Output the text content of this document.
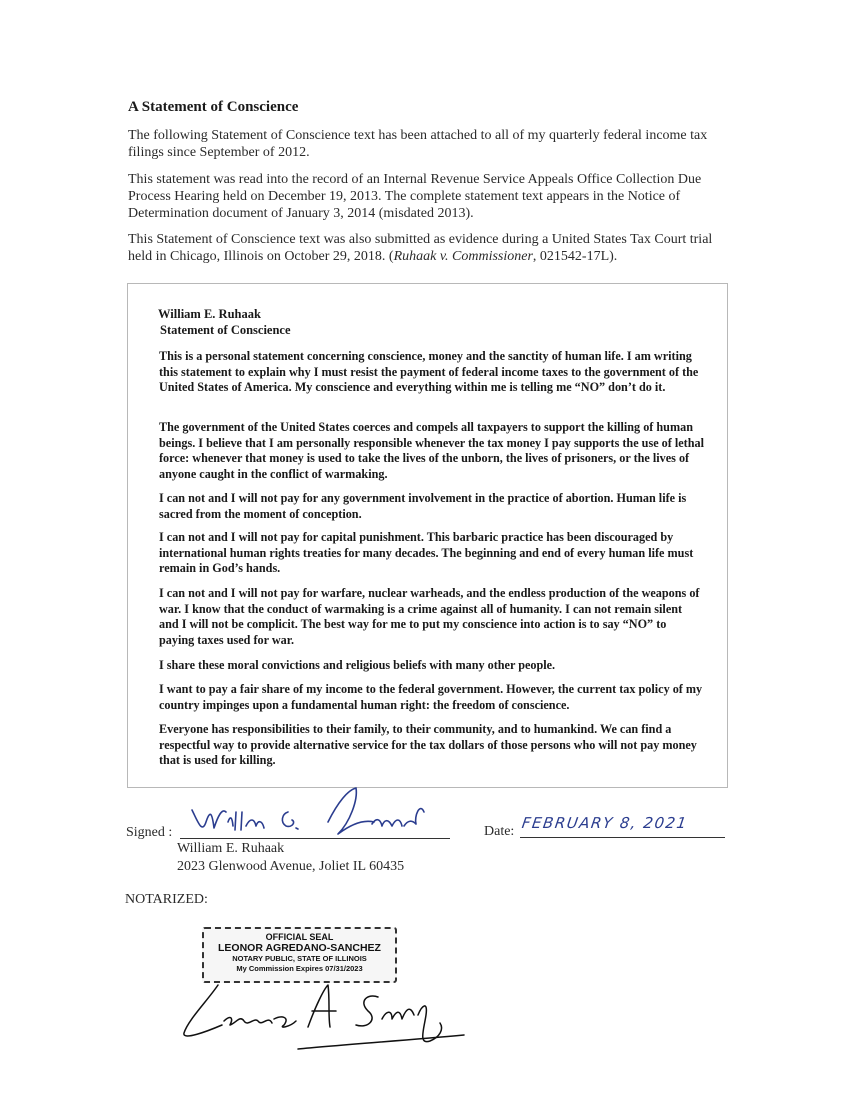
A Statement of Conscience
The following Statement of Conscience text has been attached to all of my quarterly federal income tax filings since September of 2012.
This statement was read into the record of an Internal Revenue Service Appeals Office Collection Due Process Hearing held on December 19, 2013. The complete statement text appears in the Notice of Determination document of January 3, 2014 (misdated 2013).
This Statement of Conscience text was also submitted as evidence during a United States Tax Court trial held in Chicago, Illinois on October 29, 2018. (Ruhaak v. Commissioner, 021542-17L).
William E. Ruhaak
Statement of Conscience
This is a personal statement concerning conscience, money and the sanctity of human life. I am writing this statement to explain why I must resist the payment of federal income taxes to the government of the United States of America. My conscience and everything within me is telling me “NO” don’t do it.
The government of the United States coerces and compels all taxpayers to support the killing of human beings. I believe that I am personally responsible whenever the tax money I pay supports the use of lethal force: whenever that money is used to take the lives of the unborn, the lives of prisoners, or the lives of anyone caught in the conflict of warmaking.
I can not and I will not pay for any government involvement in the practice of abortion. Human life is sacred from the moment of conception.
I can not and I will not pay for capital punishment. This barbaric practice has been discouraged by international human rights treaties for many decades. The beginning and end of every human life must remain in God’s hands.
I can not and I will not pay for warfare, nuclear warheads, and the endless production of the weapons of war. I know that the conduct of warmaking is a crime against all of humanity. I can not remain silent and I will not be complicit. The best way for me to put my conscience into action is to say “NO” to paying taxes used for war.
I share these moral convictions and religious beliefs with many other people.
I want to pay a fair share of my income to the federal government. However, the current tax policy of my country impinges upon a fundamental human right: the freedom of conscience.
Everyone has responsibilities to their family, to their community, and to humankind. We can find a respectful way to provide alternative service for the tax dollars of those persons who will not pay money that is used for killing.
Signed :
William E. Ruhaak
2023 Glenwood Avenue, Joliet IL 60435
Date: FEBRUARY 8, 2021
NOTARIZED:
OFFICIAL SEAL
LEONOR AGREDANO-SANCHEZ
NOTARY PUBLIC, STATE OF ILLINOIS
My Commission Expires 07/31/2023
